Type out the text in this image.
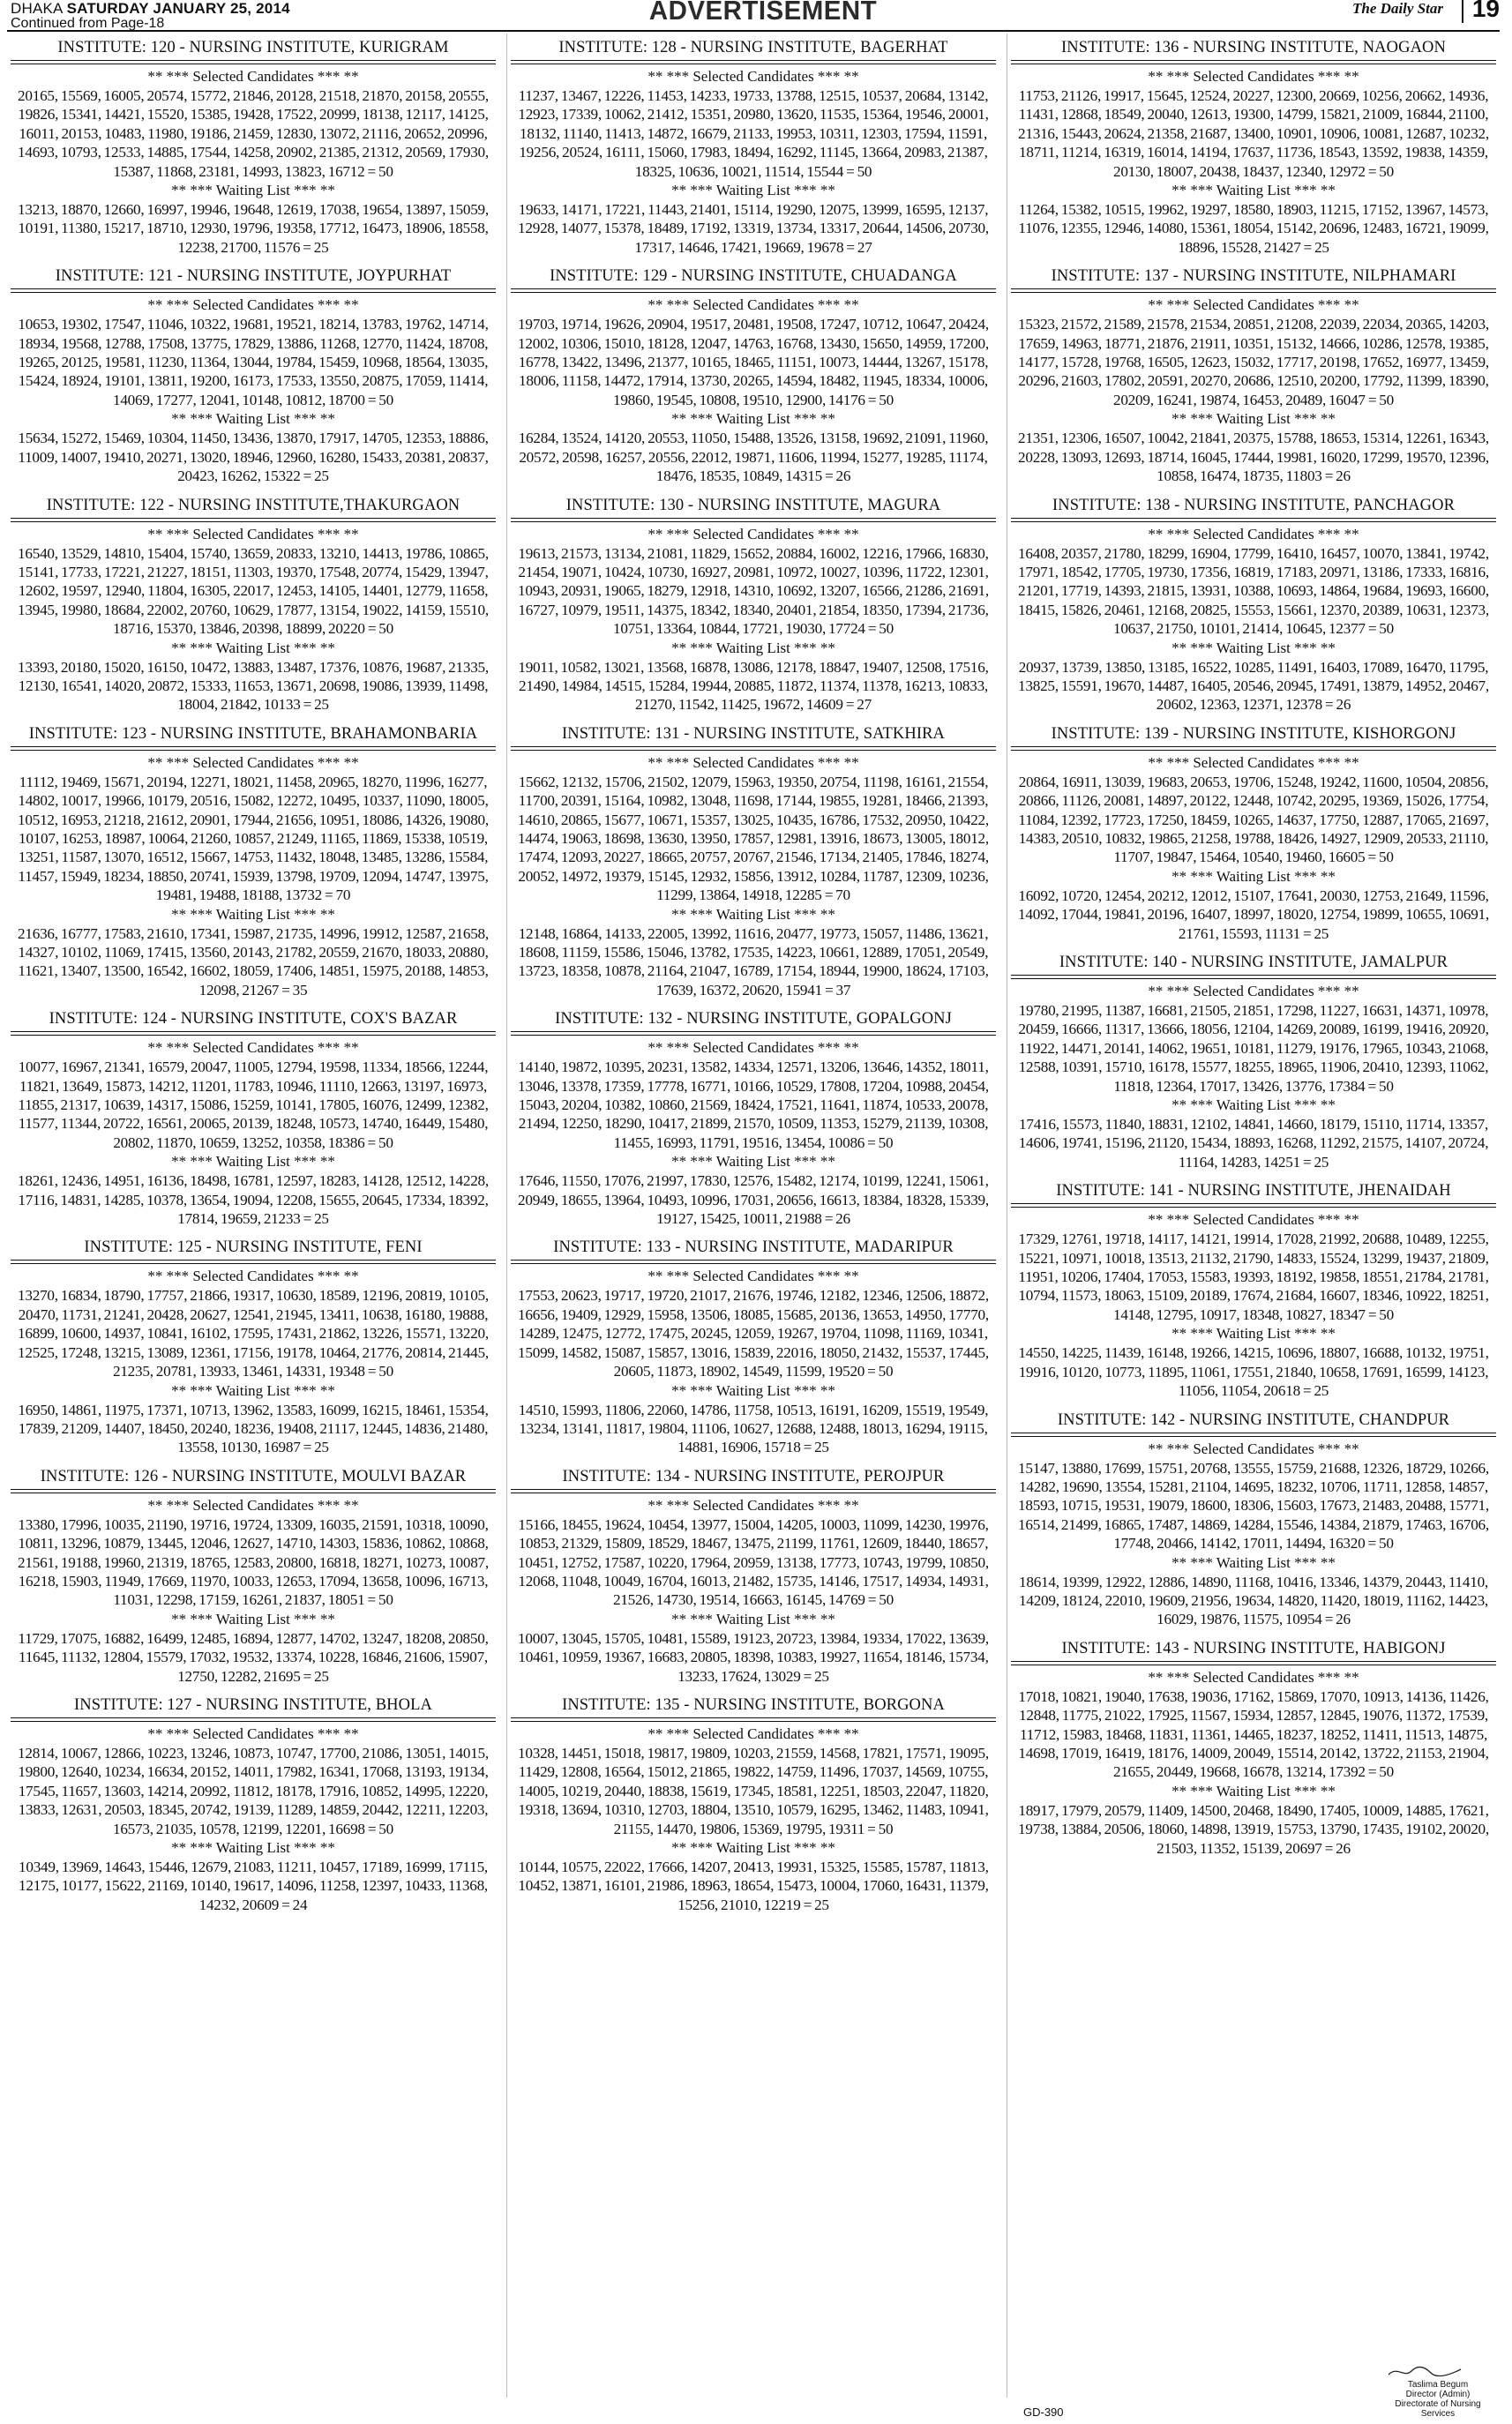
DHAKA SATURDAY JANUARY 25, 2014
Continued from Page-18	ADVERTISEMENT	The Daily Star	19
INSTITUTE: 120 - NURSING INSTITUTE, KURIGRAM
** *** Selected Candidates *** **
20165, 15569, 16005, 20574, 15772, 21846, 20128, 21518, 21870, 20158, 20555, 19826, 15341, 14421, 15520, 15385, 19428, 17522, 20999, 18138, 12117, 14125, 16011, 20153, 10483, 11980, 19186, 21459, 12830, 13072, 21116, 20652, 20996, 14693, 10793, 12533, 14885, 17544, 14258, 20902, 21385, 21312, 20569, 17930, 15387, 11868, 23181, 14993, 13823, 16712 = 50
** *** Waiting List *** **
13213, 18870, 12660, 16997, 19946, 19648, 12619, 17038, 19654, 13897, 15059, 10191, 11380, 15217, 18710, 12930, 19796, 19358, 17712, 16473, 18906, 18558, 12238, 21700, 11576 = 25
INSTITUTE: 121 - NURSING INSTITUTE, JOYPURHAT
** *** Selected Candidates *** **
10653, 19302, 17547, 11046, 10322, 19681, 19521, 18214, 13783, 19762, 14714, 18934, 19568, 12788, 17508, 13775, 17829, 13886, 11268, 12770, 11424, 18708, 19265, 20125, 19581, 11230, 11364, 13044, 19784, 15459, 10968, 18564, 13035, 15424, 18924, 19101, 13811, 19200, 16173, 17533, 13550, 20875, 17059, 11414, 14069, 17277, 12041, 10148, 10812, 18700 = 50
** *** Waiting List *** **
15634, 15272, 15469, 10304, 11450, 13436, 13870, 17917, 14705, 12353, 18886, 11009, 14007, 19410, 20271, 13020, 18946, 12960, 16280, 15433, 20381, 20837, 20423, 16262, 15322 = 25
INSTITUTE: 122 - NURSING INSTITUTE,THAKURGAON
** *** Selected Candidates *** **
16540, 13529, 14810, 15404, 15740, 13659, 20833, 13210, 14413, 19786, 10865, 15141, 17733, 17221, 21227, 18151, 11303, 19370, 17548, 20774, 15429, 13947, 12602, 19597, 12940, 11804, 16305, 22017, 12453, 14105, 14401, 12779, 11658, 13945, 19980, 18684, 22002, 20760, 10629, 17877, 13154, 19022, 14159, 15510, 18716, 15370, 13846, 20398, 18899, 20220 = 50
** *** Waiting List *** **
13393, 20180, 15020, 16150, 10472, 13883, 13487, 17376, 10876, 19687, 21335, 12130, 16541, 14020, 20872, 15333, 11653, 13671, 20698, 19086, 13939, 11498, 18004, 21842, 10133 = 25
INSTITUTE: 123 - NURSING INSTITUTE, BRAHAMONBARIA
** *** Selected Candidates *** **
11112, 19469, 15671, 20194, 12271, 18021, 11458, 20965, 18270, 11996, 16277, 14802, 10017, 19966, 10179, 20516, 15082, 12272, 10495, 10337, 11090, 18005, 10512, 16953, 21218, 21612, 20901, 17944, 21656, 10951, 18086, 14326, 19080, 10107, 16253, 18987, 10064, 21260, 10857, 21249, 11165, 11869, 15338, 10519, 13251, 11587, 13070, 16512, 15667, 14753, 11432, 18048, 13485, 13286, 15584, 11457, 15949, 18234, 18850, 20741, 15939, 13798, 19709, 12094, 14747, 13975, 19481, 19488, 18188, 13732 = 70
** *** Waiting List *** **
21636, 16777, 17583, 21610, 17341, 15987, 21735, 14996, 19912, 12587, 21658, 14327, 10102, 11069, 17415, 13560, 20143, 21782, 20559, 21670, 18033, 20880, 11621, 13407, 13500, 16542, 16602, 18059, 17406, 14851, 15975, 20188, 14853, 12098, 21267 = 35
INSTITUTE: 124 - NURSING INSTITUTE, COX'S BAZAR
** *** Selected Candidates *** **
10077, 16967, 21341, 16579, 20047, 11005, 12794, 19598, 11334, 18566, 12244, 11821, 13649, 15873, 14212, 11201, 11783, 10946, 11110, 12663, 13197, 16973, 11855, 21317, 10639, 14317, 15086, 15259, 10141, 17805, 16076, 12499, 12382, 11577, 11344, 20722, 16561, 20065, 20139, 18248, 10573, 14740, 16449, 15480, 20802, 11870, 10659, 13252, 10358, 18386 = 50
** *** Waiting List *** **
18261, 12436, 14951, 16136, 18498, 16781, 12597, 18283, 14128, 12512, 14228, 17116, 14831, 14285, 10378, 13654, 19094, 12208, 15655, 20645, 17334, 18392, 17814, 19659, 21233 = 25
INSTITUTE: 125 - NURSING INSTITUTE, FENI
** *** Selected Candidates *** **
13270, 16834, 18790, 17757, 21866, 19317, 10630, 18589, 12196, 20819, 10105, 20470, 11731, 21241, 20428, 20627, 12541, 21945, 13411, 10638, 16180, 19888, 16899, 10600, 14937, 10841, 16102, 17595, 17431, 21862, 13226, 15571, 13220, 12525, 17248, 13215, 13089, 12361, 17156, 19178, 10464, 21776, 20814, 21445, 21235, 20781, 13933, 13461, 14331, 19348 = 50
** *** Waiting List *** **
16950, 14861, 11975, 17371, 10713, 13962, 13583, 16099, 16215, 18461, 15354, 17839, 21209, 14407, 18450, 20240, 18236, 19408, 21117, 12445, 14836, 21480, 13558, 10130, 16987 = 25
INSTITUTE: 126 - NURSING INSTITUTE, MOULVI BAZAR
** *** Selected Candidates *** **
13380, 17996, 10035, 21190, 19716, 19724, 13309, 16035, 21591, 10318, 10090, 10811, 13296, 10879, 13445, 12046, 12627, 14710, 14303, 15836, 10862, 10868, 21561, 19188, 19960, 21319, 18765, 12583, 20800, 16818, 18271, 10273, 10087, 16218, 15903, 11949, 17669, 11970, 10033, 12653, 17094, 13658, 10096, 16713, 11031, 12298, 17159, 16261, 21837, 18051 = 50
** *** Waiting List *** **
11729, 17075, 16882, 16499, 12485, 16894, 12877, 14702, 13247, 18208, 20850, 11645, 11132, 12804, 15579, 17032, 19532, 13374, 10228, 16846, 21606, 15907, 12750, 12282, 21695 = 25
INSTITUTE: 127 - NURSING INSTITUTE, BHOLA
** *** Selected Candidates *** **
12814, 10067, 12866, 10223, 13246, 10873, 10747, 17700, 21086, 13051, 14015, 19800, 12640, 10234, 16634, 20152, 14011, 17982, 16341, 17068, 13193, 19134, 17545, 11657, 13603, 14214, 20992, 11812, 18178, 17916, 10852, 14995, 12220, 13833, 12631, 20503, 18345, 20742, 19139, 11289, 14859, 20442, 12211, 12203, 16573, 21035, 10578, 12199, 12201, 16698 = 50
** *** Waiting List *** **
10349, 13969, 14643, 15446, 12679, 21083, 11211, 10457, 17189, 16999, 17115, 12175, 10177, 15622, 21169, 10140, 19617, 14096, 11258, 12397, 10433, 11368, 14232, 20609 = 24
INSTITUTE: 128 - NURSING INSTITUTE, BAGERHAT
** *** Selected Candidates *** **
11237, 13467, 12226, 11453, 14233, 19733, 13788, 12515, 10537, 20684, 13142, 12923, 17339, 10062, 21412, 15351, 20980, 13620, 11535, 15364, 19546, 20001, 18132, 11140, 11413, 14872, 16679, 21133, 19953, 10311, 12303, 17594, 11591, 19256, 20524, 16111, 15060, 17983, 18494, 16292, 11145, 13664, 20983, 21387, 18325, 10636, 10021, 11514, 15544 = 50
** *** Waiting List *** **
19633, 14171, 17221, 11443, 21401, 15114, 19290, 12075, 13999, 16595, 12137, 12928, 14077, 15378, 18489, 17192, 13319, 13734, 13317, 20644, 14506, 20730, 17317, 14646, 17421, 19669, 19678 = 27
INSTITUTE: 129 - NURSING INSTITUTE, CHUADANGA
** *** Selected Candidates *** **
19703, 19714, 19626, 20904, 19517, 20481, 19508, 17247, 10712, 10647, 20424, 12002, 10306, 15010, 18128, 12047, 14763, 16768, 13430, 15650, 14959, 17200, 16778, 13422, 13496, 21377, 10165, 18465, 11151, 10073, 14444, 13267, 15178, 18006, 11158, 14472, 17914, 13730, 20265, 14594, 18482, 11945, 18334, 10006, 19860, 19545, 10808, 19510, 12900, 14176 = 50
** *** Waiting List *** **
16284, 13524, 14120, 20553, 11050, 15488, 13526, 13158, 19692, 21091, 11960, 20572, 20598, 16257, 20556, 22012, 19871, 11606, 11994, 15277, 19285, 11174, 18476, 18535, 10849, 14315 = 26
INSTITUTE: 130 - NURSING INSTITUTE, MAGURA
** *** Selected Candidates *** **
19613, 21573, 13134, 21081, 11829, 15652, 20884, 16002, 12216, 17966, 16830, 21454, 19071, 10424, 10730, 16927, 20981, 10972, 10027, 10396, 11722, 12301, 10943, 20931, 19065, 18279, 12918, 14310, 10692, 13207, 16566, 21286, 21691, 16727, 10979, 19511, 14375, 18342, 18340, 20401, 21854, 18350, 17394, 21736, 10751, 13364, 10844, 17721, 19030, 17724 = 50
** *** Waiting List *** **
19011, 10582, 13021, 13568, 16878, 13086, 12178, 18847, 19407, 12508, 17516, 21490, 14984, 14515, 15284, 19944, 20885, 11872, 11374, 11378, 16213, 10833, 21270, 11542, 11425, 19672, 14609 = 27
INSTITUTE: 131 - NURSING INSTITUTE, SATKHIRA
** *** Selected Candidates *** **
15662, 12132, 15706, 21502, 12079, 15963, 19350, 20754, 11198, 16161, 21554, 11700, 20391, 15164, 10982, 13048, 11698, 17144, 19855, 19281, 18466, 21393, 14610, 20865, 15677, 10671, 15357, 13025, 10435, 16786, 17532, 20950, 10422, 14474, 19063, 18698, 13630, 13950, 17857, 12981, 13916, 18673, 13005, 18012, 17474, 12093, 20227, 18665, 20757, 20767, 21546, 17134, 21405, 17846, 18274, 20052, 14972, 19379, 15145, 12932, 15856, 13912, 10284, 11787, 12309, 10236, 11299, 13864, 14918, 12285 = 70
** *** Waiting List *** **
12148, 16864, 14133, 22005, 13992, 11616, 20477, 19773, 15057, 11486, 13621, 18608, 11159, 15586, 15046, 13782, 17535, 14223, 10661, 12889, 17051, 20549, 13723, 18358, 10878, 21164, 21047, 16789, 17154, 18944, 19900, 18624, 17103, 17639, 16372, 20620, 15941 = 37
INSTITUTE: 132 - NURSING INSTITUTE, GOPALGONJ
** *** Selected Candidates *** **
14140, 19872, 10395, 20231, 13582, 14334, 12571, 13206, 13646, 14352, 18011, 13046, 13378, 17359, 17778, 16771, 10166, 10529, 17808, 17204, 10988, 20454, 15043, 20204, 10382, 10860, 21569, 18424, 17521, 11641, 11874, 10533, 20078, 21494, 12250, 18290, 10417, 21899, 21570, 10509, 11353, 15279, 21139, 10308, 11455, 16993, 11791, 19516, 13454, 10086 = 50
** *** Waiting List *** **
17646, 11550, 17076, 21997, 17830, 12576, 15482, 12174, 10199, 12241, 15061, 20949, 18655, 13964, 10493, 10996, 17031, 20656, 16613, 18384, 18328, 15339, 19127, 15425, 10011, 21988 = 26
INSTITUTE: 133 - NURSING INSTITUTE, MADARIPUR
** *** Selected Candidates *** **
17553, 20623, 19717, 19720, 21017, 21676, 19746, 12182, 12346, 12506, 18872, 16656, 19409, 12929, 15958, 13506, 18085, 15685, 20136, 13653, 14950, 17770, 14289, 12475, 12772, 17475, 20245, 12059, 19267, 19704, 11098, 11169, 10341, 15099, 14582, 15087, 15857, 13016, 15839, 22016, 18050, 21432, 15537, 17445, 20605, 11873, 18902, 14549, 11599, 19520 = 50
** *** Waiting List *** **
14510, 15993, 11806, 22060, 14786, 11758, 10513, 16191, 16209, 15519, 19549, 13234, 13141, 11817, 19804, 11106, 10627, 12688, 12488, 18013, 16294, 19115, 14881, 16906, 15718 = 25
INSTITUTE: 134 - NURSING INSTITUTE, PEROJPUR
** *** Selected Candidates *** **
15166, 18455, 19624, 10454, 13977, 15004, 14205, 10003, 11099, 14230, 19976, 10853, 21329, 15809, 18529, 18467, 13475, 21199, 11761, 12609, 18440, 18657, 10451, 12752, 17587, 10220, 17964, 20959, 13138, 17773, 10743, 19799, 10850, 12068, 11048, 10049, 16704, 16013, 21482, 15735, 14146, 17517, 14934, 14931, 21526, 14730, 19514, 16663, 16145, 14769 = 50
** *** Waiting List *** **
10007, 13045, 15705, 10481, 15589, 19123, 20723, 13984, 19334, 17022, 13639, 10461, 10959, 19367, 16683, 20805, 18398, 10383, 19927, 11654, 18146, 15734, 13233, 17624, 13029 = 25
INSTITUTE: 135 - NURSING INSTITUTE, BORGONA
** *** Selected Candidates *** **
10328, 14451, 15018, 19817, 19809, 10203, 21559, 14568, 17821, 17571, 19095, 11429, 12808, 16564, 15012, 21865, 19822, 14759, 11496, 17037, 14569, 10755, 14005, 10219, 20440, 18838, 15619, 17345, 18581, 12251, 18503, 22047, 11820, 19318, 13694, 10310, 12703, 18804, 13510, 10579, 16295, 13462, 11483, 10941, 21155, 14470, 19806, 15369, 19795, 19311 = 50
** *** Waiting List *** **
10144, 10575, 22022, 17666, 14207, 20413, 19931, 15325, 15585, 15787, 11813, 10452, 13871, 16101, 21986, 18963, 18654, 15473, 10004, 17060, 16431, 11379, 15256, 21010, 12219 = 25
INSTITUTE: 136 - NURSING INSTITUTE, NAOGAON
** *** Selected Candidates *** **
11753, 21126, 19917, 15645, 12524, 20227, 12300, 20669, 10256, 20662, 14936, 11431, 12868, 18549, 20040, 12613, 19300, 14799, 15821, 21009, 16844, 21100, 21316, 15443, 20624, 21358, 21687, 13400, 10901, 10906, 10081, 12687, 10232, 18711, 11214, 16319, 16014, 14194, 17637, 11736, 18543, 13592, 19838, 14359, 20130, 18007, 20438, 18437, 12340, 12972 = 50
** *** Waiting List *** **
11264, 15382, 10515, 19962, 19297, 18580, 18903, 11215, 17152, 13967, 14573, 11076, 12355, 12946, 14080, 15361, 18054, 15142, 20696, 12483, 16721, 19099, 18896, 15528, 21427 = 25
INSTITUTE: 137 - NURSING INSTITUTE, NILPHAMARI
** *** Selected Candidates *** **
15323, 21572, 21589, 21578, 21534, 20851, 21208, 22039, 22034, 20365, 14203, 17659, 14963, 18771, 21876, 21911, 10351, 15132, 14666, 10286, 12578, 19385, 14177, 15728, 19768, 16505, 12623, 15032, 17717, 20198, 17652, 16977, 13459, 20296, 21603, 17802, 20591, 20270, 20686, 12510, 20200, 17792, 11399, 18390, 20209, 16241, 19874, 16453, 20489, 16047 = 50
** *** Waiting List *** **
21351, 12306, 16507, 10042, 21841, 20375, 15788, 18653, 15314, 12261, 16343, 20228, 13093, 12693, 18714, 16045, 17444, 19981, 16020, 17299, 19570, 12396, 10858, 16474, 18735, 11803 = 26
INSTITUTE: 138 - NURSING INSTITUTE, PANCHAGOR
** *** Selected Candidates *** **
16408, 20357, 21780, 18299, 16904, 17799, 16410, 16457, 10070, 13841, 19742, 17971, 18542, 17705, 19730, 17356, 16819, 17183, 20971, 13186, 17333, 16816, 21201, 17719, 14393, 21815, 13931, 10388, 10693, 14864, 19684, 19693, 16600, 18415, 15826, 20461, 12168, 20825, 15553, 15661, 12370, 20389, 10631, 12373, 10637, 21750, 10101, 21414, 10645, 12377 = 50
** *** Waiting List *** **
20937, 13739, 13850, 13185, 16522, 10285, 11491, 16403, 17089, 16470, 11795, 13825, 15591, 19670, 14487, 16405, 20546, 20945, 17491, 13879, 14952, 20467, 20602, 12363, 12371, 12378 = 26
INSTITUTE: 139 - NURSING INSTITUTE, KISHORGONJ
** *** Selected Candidates *** **
20864, 16911, 13039, 19683, 20653, 19706, 15248, 19242, 11600, 10504, 20856, 20866, 11126, 20081, 14897, 20122, 12448, 10742, 20295, 19369, 15026, 17754, 11084, 12392, 17723, 17250, 18459, 10265, 14637, 17750, 12887, 17065, 21697, 14383, 20510, 10832, 19865, 21258, 19788, 18426, 14927, 12909, 20533, 21110, 11707, 19847, 15464, 10540, 19460, 16605 = 50
** *** Waiting List *** **
16092, 10720, 12454, 20212, 12012, 15107, 17641, 20030, 12753, 21649, 11596, 14092, 17044, 19841, 20196, 16407, 18997, 18020, 12754, 19899, 10655, 10691, 21761, 15593, 11131 = 25
INSTITUTE: 140 - NURSING INSTITUTE, JAMALPUR
** *** Selected Candidates *** **
19780, 21995, 11387, 16681, 21505, 21851, 17298, 11227, 16631, 14371, 10978, 20459, 16666, 11317, 13666, 18056, 12104, 14269, 20089, 16199, 19416, 20920, 11922, 14471, 20141, 14062, 19651, 10181, 11279, 19176, 17965, 10343, 21068, 12588, 10391, 15710, 16178, 15577, 18255, 18965, 11906, 20410, 12393, 11062, 11818, 12364, 17017, 13426, 13776, 17384 = 50
** *** Waiting List *** **
17416, 15573, 11840, 18831, 12102, 14841, 14660, 18179, 15110, 11714, 13357, 14606, 19741, 15196, 21120, 15434, 18893, 16268, 11292, 21575, 14107, 20724, 11164, 14283, 14251 = 25
INSTITUTE: 141 - NURSING INSTITUTE, JHENAIDAH
** *** Selected Candidates *** **
17329, 12761, 19718, 14117, 14121, 19914, 17028, 21992, 20688, 10489, 12255, 15221, 10971, 10018, 13513, 21132, 21790, 14833, 15524, 13299, 19437, 21809, 11951, 10206, 17404, 17053, 15583, 19393, 18192, 19858, 18551, 21784, 21781, 10794, 11573, 18063, 15109, 20189, 17674, 21684, 16607, 18346, 10922, 18251, 14148, 12795, 10917, 18348, 10827, 18347 = 50
** *** Waiting List *** **
14550, 14225, 11439, 16148, 19266, 14215, 10696, 18807, 16688, 10132, 19751, 19916, 10120, 10773, 11895, 11061, 17551, 21840, 10658, 17691, 16599, 14123, 11056, 11054, 20618 = 25
INSTITUTE: 142 - NURSING INSTITUTE, CHANDPUR
** *** Selected Candidates *** **
15147, 13880, 17699, 15751, 20768, 13555, 15759, 21688, 12326, 18729, 10266, 14282, 19690, 13554, 15281, 21104, 14695, 18232, 10706, 11711, 12858, 14857, 18593, 10715, 19531, 19079, 18600, 18306, 15603, 17673, 21483, 20488, 15771, 16514, 21499, 16865, 17487, 14869, 14284, 15546, 14384, 21879, 17463, 16706, 17748, 20466, 14142, 17011, 14494, 16320 = 50
** *** Waiting List *** **
18614, 19399, 12922, 12886, 14890, 11168, 10416, 13346, 14379, 20443, 11410, 14209, 18124, 22010, 19609, 21956, 19634, 14820, 11420, 18019, 11162, 14423, 16029, 19876, 11575, 10954 = 26
INSTITUTE: 143 - NURSING INSTITUTE, HABIGONJ
** *** Selected Candidates *** **
17018, 10821, 19040, 17638, 19036, 17162, 15869, 17070, 10913, 14136, 11426, 12848, 11775, 21022, 17925, 11567, 15934, 12857, 12845, 19076, 11372, 17539, 11712, 15983, 18468, 11831, 11361, 14465, 18237, 18252, 11411, 11513, 14875, 14698, 17019, 16419, 18176, 14009, 20049, 15514, 20142, 13722, 21153, 21904, 21655, 20449, 19668, 16678, 13214, 17392 = 50
** *** Waiting List *** **
18917, 17979, 20579, 11409, 14500, 20468, 18490, 17405, 10009, 14885, 17621, 19738, 13884, 20506, 18060, 14898, 13919, 15753, 13790, 17435, 19102, 20020, 21503, 11352, 15139, 20697 = 26
GD-390
Taslima Begum
Director (Admin)
Directorate of Nursing Services
